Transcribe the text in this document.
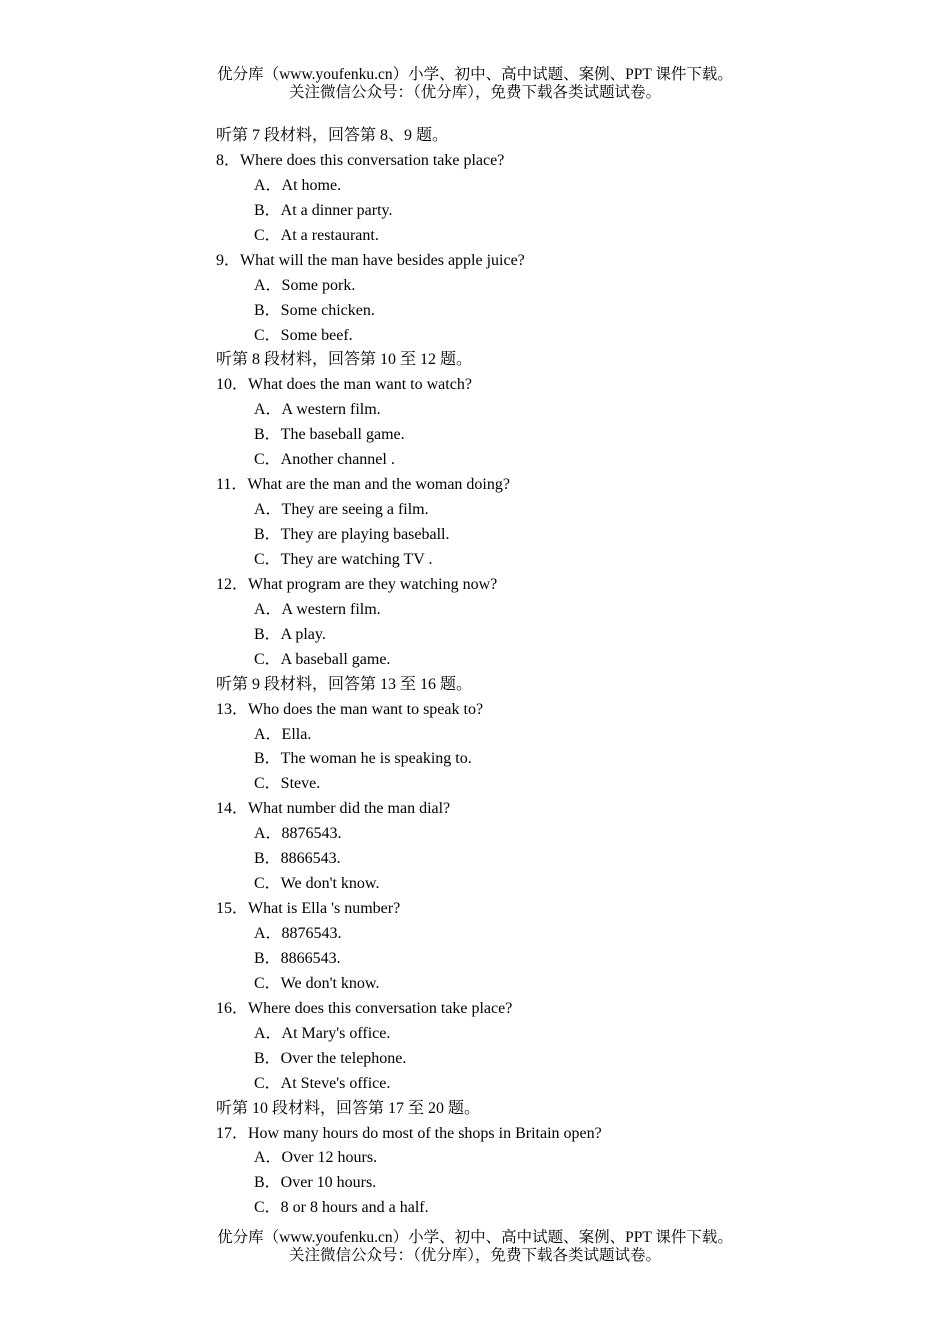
优分库（www.youfenku.cn）小学、初中、高中试题、案例、PPT 课件下载。
关注微信公众号：（优分库），免费下载各类试题试卷。
听第 7 段材料，回答第 8、9 题。
8．Where does this conversation take place?
A．At home.
B．At a dinner party.
C．At a restaurant.
9．What will the man have besides apple juice?
A．Some pork.
B．Some chicken.
C．Some beef.
听第 8 段材料，回答第 10 至 12 题。
10．What does the man want to watch?
A．A western film.
B．The baseball game.
C．Another channel .
11．What are the man and the woman doing?
A．They are seeing a film.
B．They are playing baseball.
C．They are watching TV .
12．What program are they watching now?
A．A western film.
B．A play.
C．A baseball game.
听第 9 段材料，回答第 13 至 16 题。
13．Who does the man want to speak to?
A．Ella.
B．The woman he is speaking to.
C．Steve.
14．What number did the man dial?
A．8876543.
B．8866543.
C．We don't know.
15．What is Ella 's number?
A．8876543.
B．8866543.
C．We don't know.
16．Where does this conversation take place?
A．At Mary's office.
B．Over the telephone.
C．At Steve's office.
听第 10 段材料，回答第 17 至 20 题。
17．How many hours do most of the shops in Britain open?
A．Over 12 hours.
B．Over 10 hours.
C．8 or 8 hours and a half.
优分库（www.youfenku.cn）小学、初中、高中试题、案例、PPT 课件下载。
关注微信公众号：（优分库），免费下载各类试题试卷。
